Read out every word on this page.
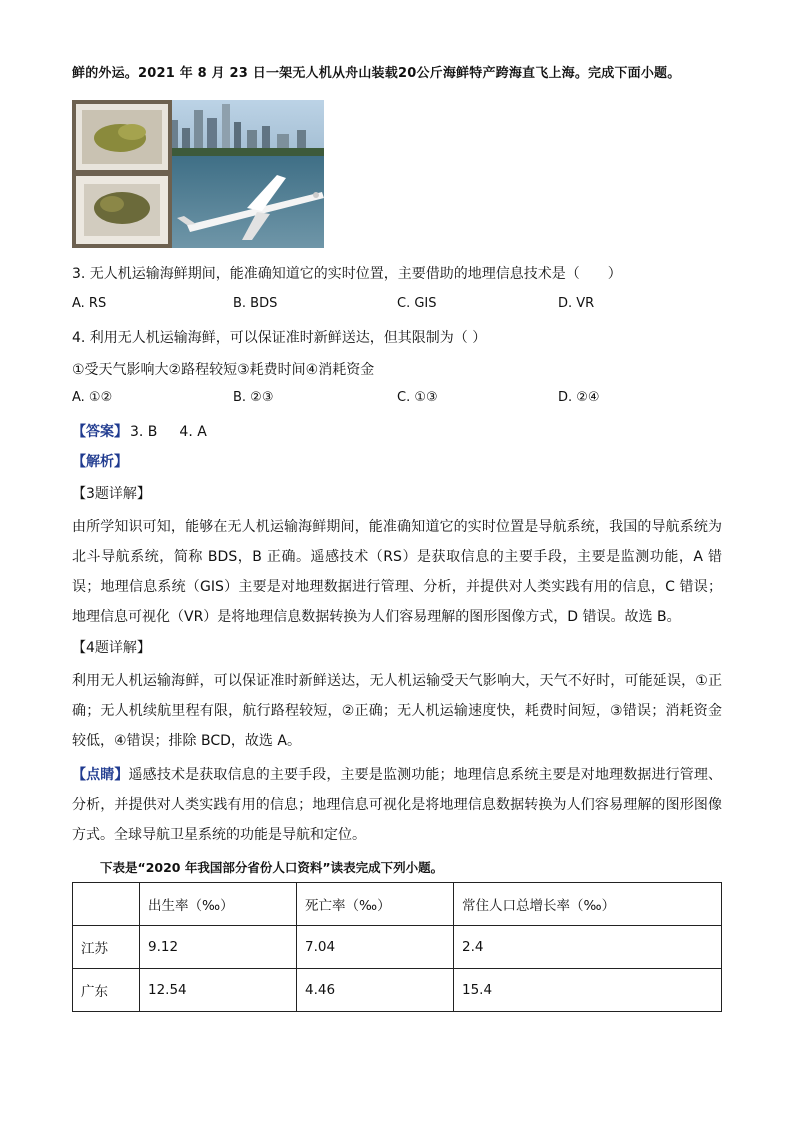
鲜的外运。2021 年 8 月 23 日一架无人机从舟山装载20公斤海鲜特产跨海直飞上海。完成下面小题。
3. 无人机运输海鲜期间，能准确知道它的实时位置，主要借助的地理信息技术是（　　）
A. RS	B. BDS	C. GIS	D. VR
4. 利用无人机运输海鲜，可以保证准时新鲜送达，但其限制为（ ）
①受天气影响大②路程较短③耗费时间④消耗资金
A. ①②	B. ②③	C. ①③	D. ②④
【答案】 3. B 4. A
【解析】
【3题详解】
由所学知识可知，能够在无人机运输海鲜期间，能准确知道它的实时位置是导航系统，我国的导航系统为北斗导航系统，简称 BDS，B 正确。遥感技术（RS）是获取信息的主要手段，主要是监测功能，A 错误；地理信息系统（GIS）主要是对地理数据进行管理、分析，并提供对人类实践有用的信息，C 错误；地理信息可视化（VR）是将地理信息数据转换为人们容易理解的图形图像方式，D 错误。故选 B。
【4题详解】
利用无人机运输海鲜，可以保证准时新鲜送达，无人机运输受天气影响大，天气不好时，可能延误，①正确；无人机续航里程有限，航行路程较短，②正确；无人机运输速度快，耗费时间短，③错误；消耗资金较低，④错误；排除 BCD，故选 A。
【点睛】遥感技术是获取信息的主要手段，主要是监测功能；地理信息系统主要是对地理数据进行管理、分析，并提供对人类实践有用的信息；地理信息可视化是将地理信息数据转换为人们容易理解的图形图像方式。全球导航卫星系统的功能是导航和定位。
下表是“2020 年我国部分省份人口资料”读表完成下列小题。
	出生率（‰）	死亡率（‰）	常住人口总增长率（‰）
江苏	9.12	7.04	2.4
广东	12.54	4.46	15.4
